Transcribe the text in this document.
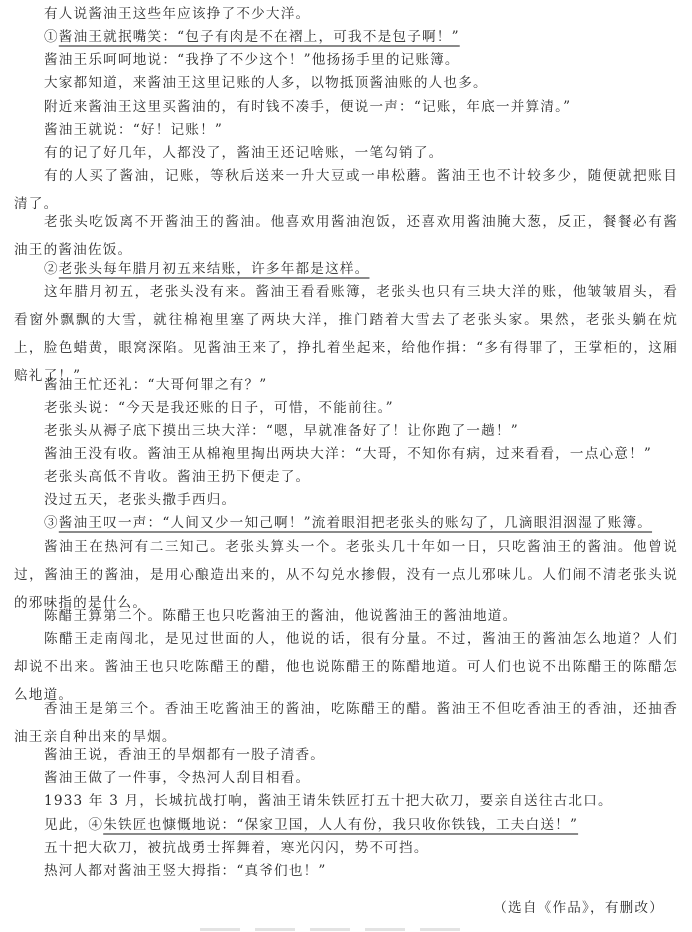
有人说酱油王这些年应该挣了不少大洋。
①酱油王就抿嘴笑：“包子有肉是不在褶上，可我不是包子啊！”
酱油王乐呵呵地说：“我挣了不少这个！”他扬扬手里的记账簿。
大家都知道，来酱油王这里记账的人多，以物抵顶酱油账的人也多。
附近来酱油王这里买酱油的，有时钱不凑手，便说一声：“记账，年底一并算清。”
酱油王就说：“好！记账！”
有的记了好几年，人都没了，酱油王还记啥账，一笔勾销了。
有的人买了酱油，记账，等秋后送来一升大豆或一串松蘑。酱油王也不计较多少，随便就把账目清了。
老张头吃饭离不开酱油王的酱油。他喜欢用酱油泡饭，还喜欢用酱油腌大葱，反正，餐餐必有酱油王的酱油佐饭。
②老张头每年腊月初五来结账，许多年都是这样。
这年腊月初五，老张头没有来。酱油王看看账簿，老张头也只有三块大洋的账，他皱皱眉头，看看窗外飘飘的大雪，就往棉袍里塞了两块大洋，推门踏着大雪去了老张头家。果然，老张头躺在炕上，脸色蜡黄，眼窝深陷。见酱油王来了，挣扎着坐起来，给他作揖：“多有得罪了，王掌柜的，这厢赔礼了！”
酱油王忙还礼：“大哥何罪之有？”
老张头说：“今天是我还账的日子，可惜，不能前往。”
老张头从褥子底下摸出三块大洋：“嗯，早就准备好了！让你跑了一趟！”
酱油王没有收。酱油王从棉袍里掏出两块大洋：“大哥，不知你有病，过来看看，一点心意！”
老张头高低不肯收。酱油王扔下便走了。
没过五天，老张头撒手西归。
③酱油王叹一声：“人间又少一知己啊！”流着眼泪把老张头的账勾了，几滴眼泪洇湿了账簿。
酱油王在热河有二三知己。老张头算头一个。老张头几十年如一日，只吃酱油王的酱油。他曾说过，酱油王的酱油，是用心酿造出来的，从不勾兑水掺假，没有一点儿邪味儿。人们闹不清老张头说的邪味指的是什么。
陈醋王算第二个。陈醋王也只吃酱油王的酱油，他说酱油王的酱油地道。
陈醋王走南闯北，是见过世面的人，他说的话，很有分量。不过，酱油王的酱油怎么地道？人们却说不出来。酱油王也只吃陈醋王的醋，他也说陈醋王的陈醋地道。可人们也说不出陈醋王的陈醋怎么地道。
香油王是第三个。香油王吃酱油王的酱油，吃陈醋王的醋。酱油王不但吃香油王的香油，还抽香油王亲自种出来的旱烟。
酱油王说，香油王的旱烟都有一股子清香。
酱油王做了一件事，令热河人刮目相看。
1933 年 3 月，长城抗战打响，酱油王请朱铁匠打五十把大砍刀，要亲自送往古北口。
见此，④朱铁匠也慷慨地说：“保家卫国，人人有份，我只收你铁钱，工夫白送！”
五十把大砍刀，被抗战勇士挥舞着，寒光闪闪，势不可挡。
热河人都对酱油王竖大拇指：“真爷们也！”
（选自《作品》，有删改）
